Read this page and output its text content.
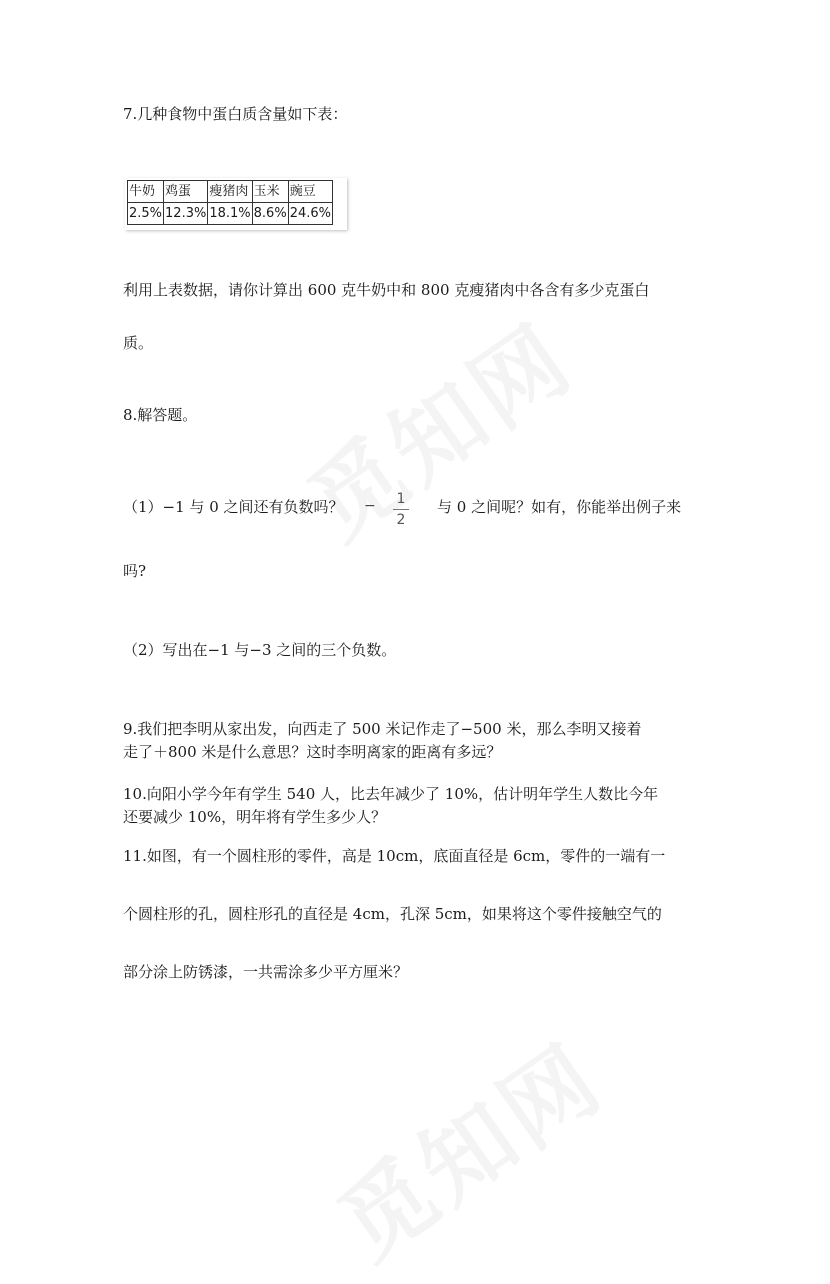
7.几种食物中蛋白质含量如下表：
牛奶	鸡蛋	瘦猪肉	玉米	豌豆
2.5%	12.3%	18.1%	8.6%	24.6%
利用上表数据，请你计算出 600 克牛奶中和 800 克瘦猪肉中各含有多少克蛋白
质。
8.解答题。
（1）−1 与 0 之间还有负数吗？ −	1
2
与 0 之间呢？如有，你能举出例子来
吗?
（2）写出在−1 与−3 之间的三个负数。
9.我们把李明从家出发，向西走了 500 米记作走了−500 米，那么李明又接着
走了＋800 米是什么意思？这时李明离家的距离有多远？
10.向阳小学今年有学生 540 人，比去年减少了 10%，估计明年学生人数比今年
还要减少 10%，明年将有学生多少人？
11.如图，有一个圆柱形的零件，高是 10cm，底面直径是 6cm，零件的一端有一
个圆柱形的孔，圆柱形孔的直径是 4cm，孔深 5cm，如果将这个零件接触空气的
部分涂上防锈漆，一共需涂多少平方厘米？
